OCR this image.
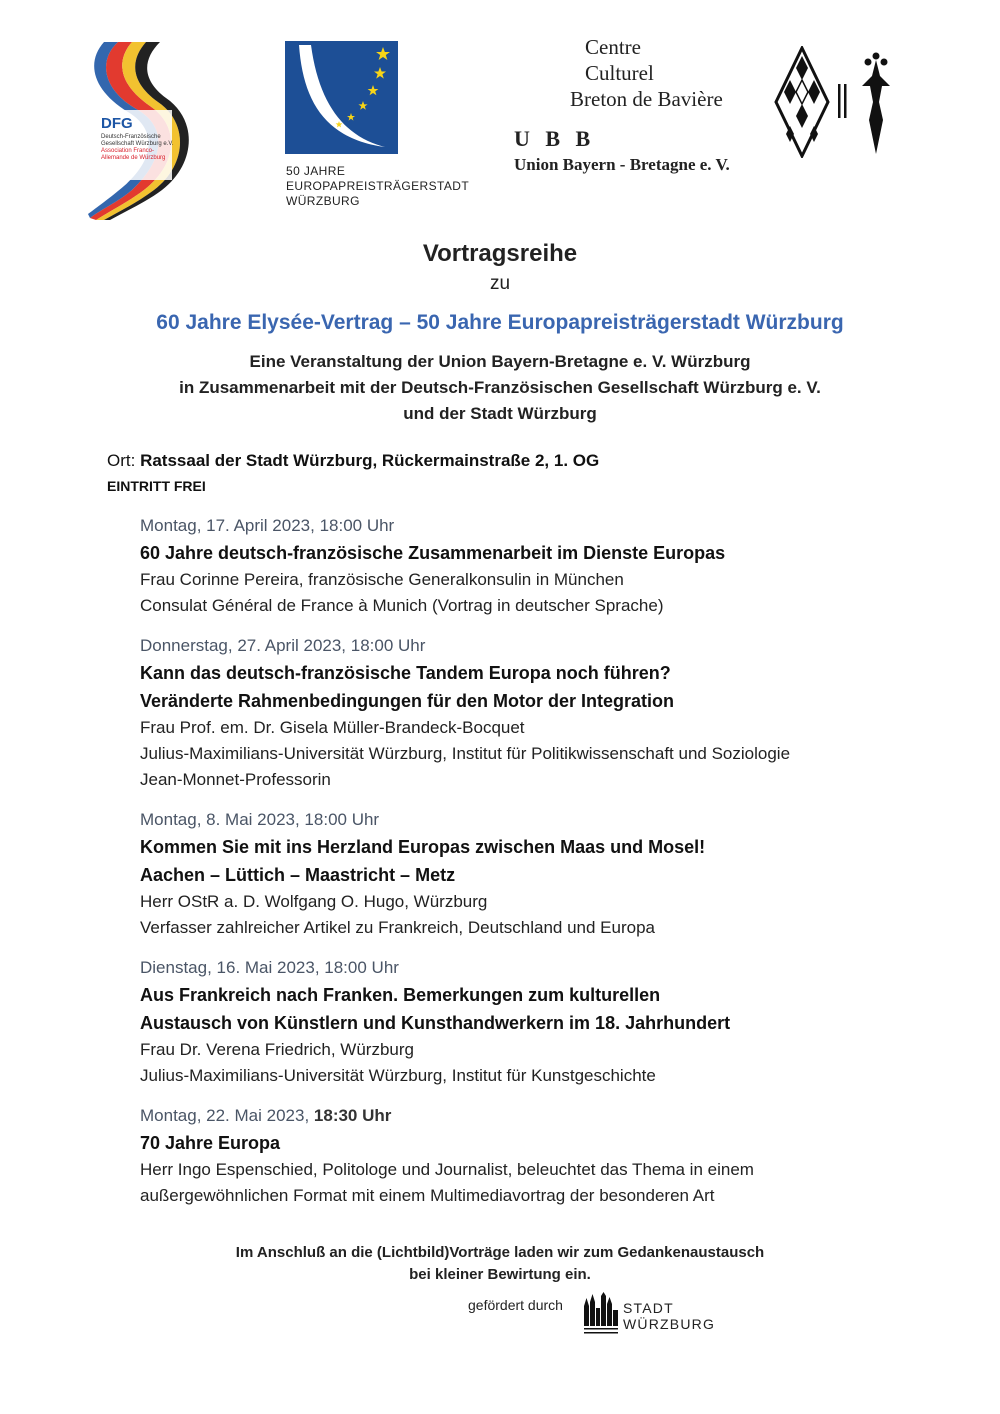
DFG
Deutsch-Französische
Gesellschaft Würzburg e.V.
Association Franco-
Allemande de Würzburg
50 JAHRE
EUROPAPREISTRÄGERSTADT
WÜRZBURG
Centre
Culturel
Breton de Bavière
U B B
Union Bayern - Bretagne e. V.
Vortragsreihe
zu
60 Jahre Elysée-Vertrag – 50 Jahre Europapreisträgerstadt Würzburg
Eine Veranstaltung der Union Bayern-Bretagne e. V. Würzburg
in Zusammenarbeit mit der Deutsch-Französischen Gesellschaft Würzburg e. V.
und der Stadt Würzburg
Ort: Ratssaal der Stadt Würzburg, Rückermainstraße 2, 1. OG
EINTRITT FREI
Montag, 17. April 2023, 18:00 Uhr
60 Jahre deutsch-französische Zusammenarbeit im Dienste Europas
Frau Corinne Pereira, französische Generalkonsulin in München
Consulat Général de France à Munich (Vortrag in deutscher Sprache)
Donnerstag, 27. April 2023, 18:00 Uhr
Kann das deutsch-französische Tandem Europa noch führen?
Veränderte Rahmenbedingungen für den Motor der Integration
Frau Prof. em. Dr. Gisela Müller-Brandeck-Bocquet
Julius-Maximilians-Universität Würzburg, Institut für Politikwissenschaft und Soziologie
Jean-Monnet-Professorin
Montag, 8. Mai 2023, 18:00 Uhr
Kommen Sie mit ins Herzland Europas zwischen Maas und Mosel!
Aachen – Lüttich – Maastricht – Metz
Herr OStR a. D. Wolfgang O. Hugo, Würzburg
Verfasser zahlreicher Artikel zu Frankreich, Deutschland und Europa
Dienstag, 16. Mai 2023, 18:00 Uhr
Aus Frankreich nach Franken. Bemerkungen zum kulturellen
Austausch von Künstlern und Kunsthandwerkern im 18. Jahrhundert
Frau Dr. Verena Friedrich, Würzburg
Julius-Maximilians-Universität Würzburg, Institut für Kunstgeschichte
Montag, 22. Mai 2023, 18:30 Uhr
70 Jahre Europa
Herr Ingo Espenschied, Politologe und Journalist, beleuchtet das Thema in einem
außergewöhnlichen Format mit einem Multimediavortrag der besonderen Art
Im Anschluß an die (Lichtbild)Vorträge laden wir zum Gedankenaustausch
bei kleiner Bewirtung ein.
gefördert durch	STADT
WÜRZBURG
